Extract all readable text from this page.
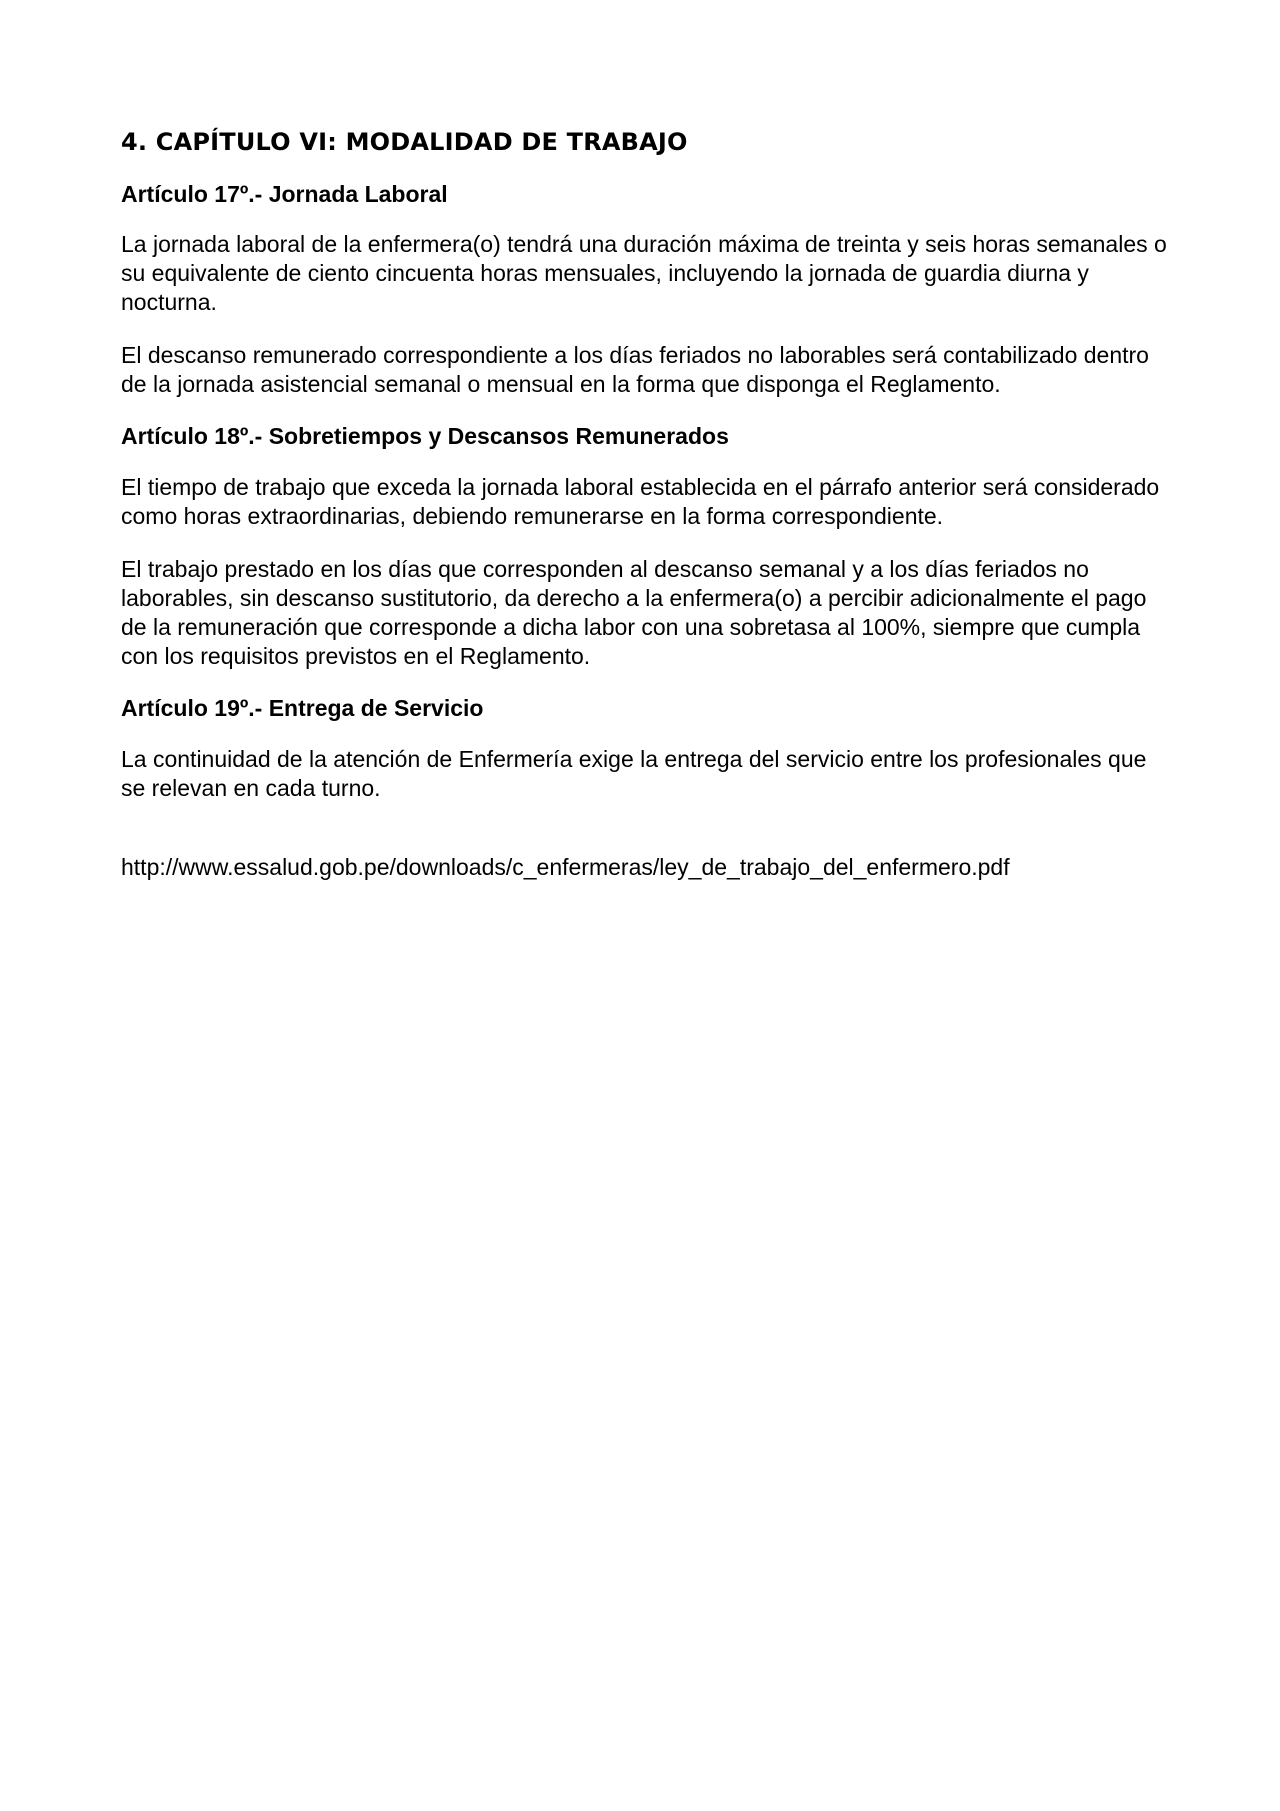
4. CAPÍTULO VI: MODALIDAD DE TRABAJO
Artículo 17º.- Jornada Laboral

La jornada laboral de la enfermera(o) tendrá una duración máxima de treinta y seis horas semanales o su equivalente de ciento cincuenta horas mensuales, incluyendo la jornada de guardia diurna y nocturna.

El descanso remunerado correspondiente a los días feriados no laborables será contabilizado dentro de la jornada asistencial semanal o mensual en la forma que disponga el Reglamento.

Artículo 18º.- Sobretiempos y Descansos Remunerados

El tiempo de trabajo que exceda la jornada laboral establecida en el párrafo anterior será considerado como horas extraordinarias, debiendo remunerarse en la forma correspondiente.

El trabajo prestado en los días que corresponden al descanso semanal y a los días feriados no laborables, sin descanso sustitutorio, da derecho a la enfermera(o) a percibir adicionalmente el pago de la remuneración que corresponde a dicha labor con una sobretasa al 100%, siempre que cumpla con los requisitos previstos en el Reglamento.

Artículo 19º.- Entrega de Servicio

La continuidad de la atención de Enfermería exige la entrega del servicio entre los profesionales que se relevan en cada turno.

http://www.essalud.gob.pe/downloads/c_enfermeras/ley_de_trabajo_del_enfermero.pdf
